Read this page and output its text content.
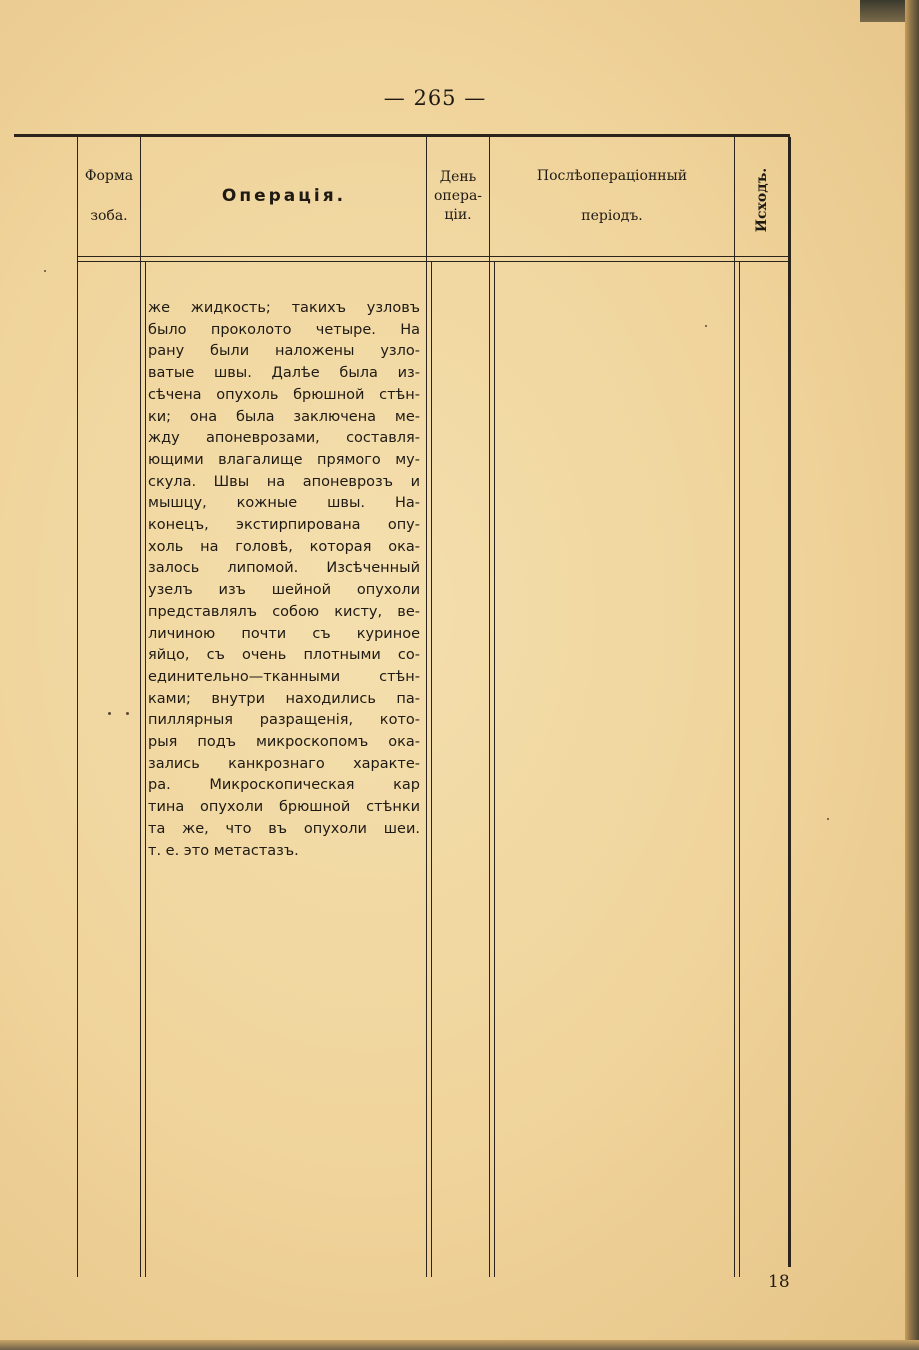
— 265 —
Форма
зоба.
Операція.
День
опера-
ціи.
Послѣопераціонный
періодъ.	Исходъ.
же жидкость; такихъ узловъ
было проколото четыре. На
рану были наложены узло-
ватые швы. Далѣе была из-
сѣчена опухоль брюшной стѣн-
ки; она была заключена ме-
жду апоневрозами, составля-
ющими влагалище прямого му-
скула. Швы на апоневрозъ и
мышцу, кожные швы. На-
конецъ, экстирпирована опу-
холь на головѣ, которая ока-
залось липомой. Изсѣченный
узелъ изъ шейной опухоли
представлялъ собою кисту, ве-
личиною почти съ куриное
яйцо, съ очень плотными со-
единительно—тканными стѣн-
ками; внутри находились па-
пиллярныя разращенія, кото-
рыя подъ микроскопомъ ока-
зались канкрознаго характе-
ра. Микроскопическая кар
тина опухоли брюшной стѣнки
та же, что въ опухоли шеи.
т. е. это метастазъ.
18
